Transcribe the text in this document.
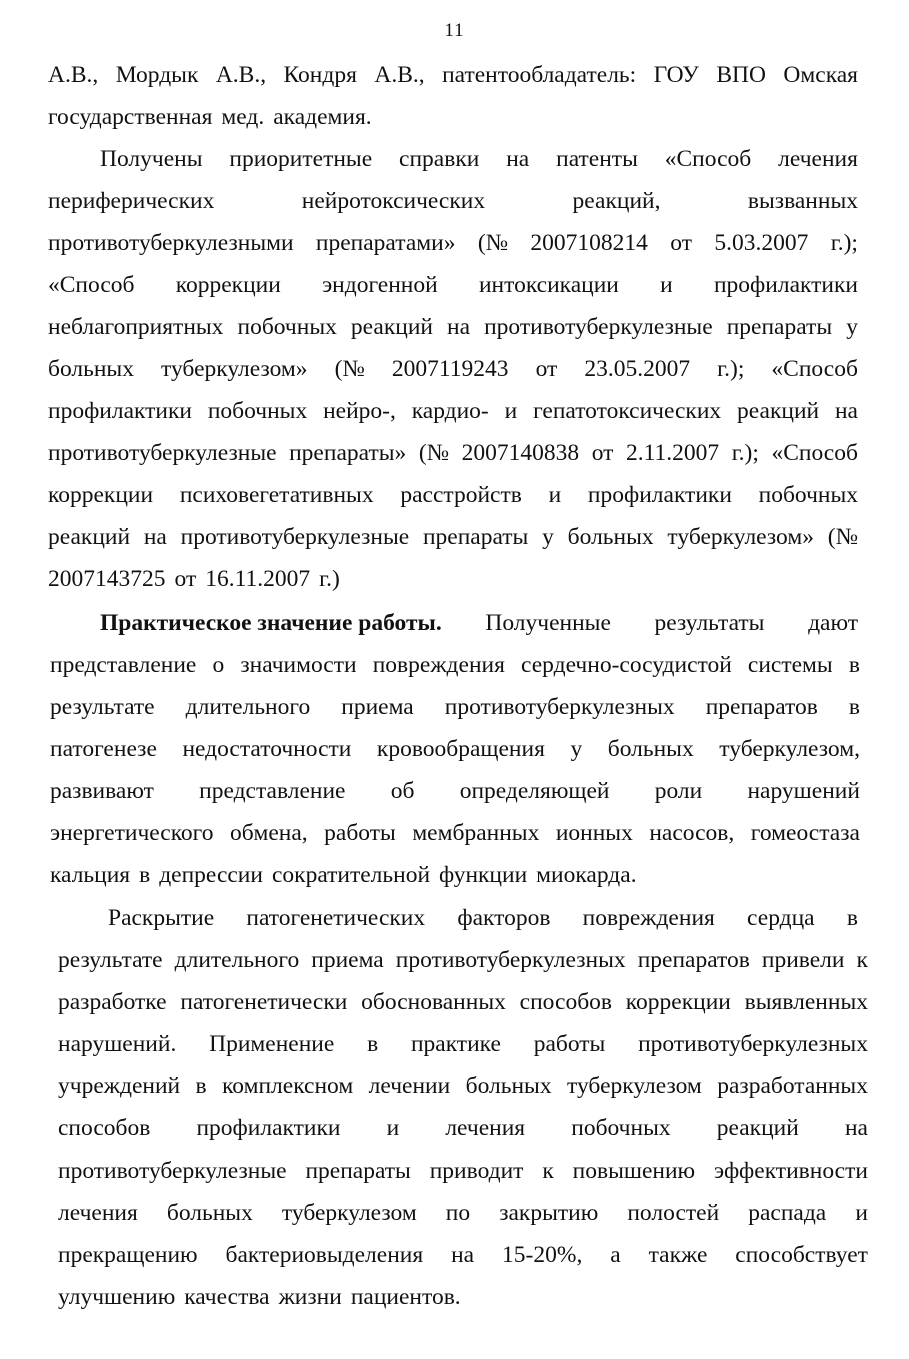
11
А.В., Мордык А.В., Кондря А.В., патентообладатель: ГОУ ВПО Омская
государственная мед. академия.
Получены приоритетные справки на патенты «Способ лечения
периферических	нейротоксических	реакций,	вызванных
противотуберкулезными препаратами» (№ 2007108214 от 5.03.2007 г.);
«Способ коррекции эндогенной интоксикации и профилактики
неблагоприятных побочных реакций на противотуберкулезные препараты у
больных туберкулезом» (№ 2007119243 от 23.05.2007 г.); «Способ
профилактики побочных нейро-, кардио- и гепатотоксических реакций на
противотуберкулезные препараты» (№ 2007140838 от 2.11.2007 г.); «Способ
коррекции психовегетативных расстройств и профилактики побочных
реакций на противотуберкулезные препараты у больных туберкулезом» (№
2007143725 от 16.11.2007 г.)
Практическое значение работы. Полученные результаты дают
представление о значимости повреждения сердечно-сосудистой системы в
результате длительного приема противотуберкулезных препаратов в
патогенезе недостаточности кровообращения у больных туберкулезом,
развивают представление об определяющей роли нарушений
энергетического обмена, работы мембранных ионных насосов, гомеостаза
кальция в депрессии сократительной функции миокарда.
Раскрытие патогенетических факторов повреждения сердца в
результате длительного приема противотуберкулезных препаратов привели к
разработке патогенетически обоснованных способов коррекции выявленных
нарушений. Применение в практике работы противотуберкулезных
учреждений в комплексном лечении больных туберкулезом разработанных
способов профилактики и лечения побочных реакций на
противотуберкулезные препараты приводит к повышению эффективности
лечения больных туберкулезом по закрытию полостей распада и
прекращению бактериовыделения на 15-20%, а также способствует
улучшению качества жизни пациентов.
